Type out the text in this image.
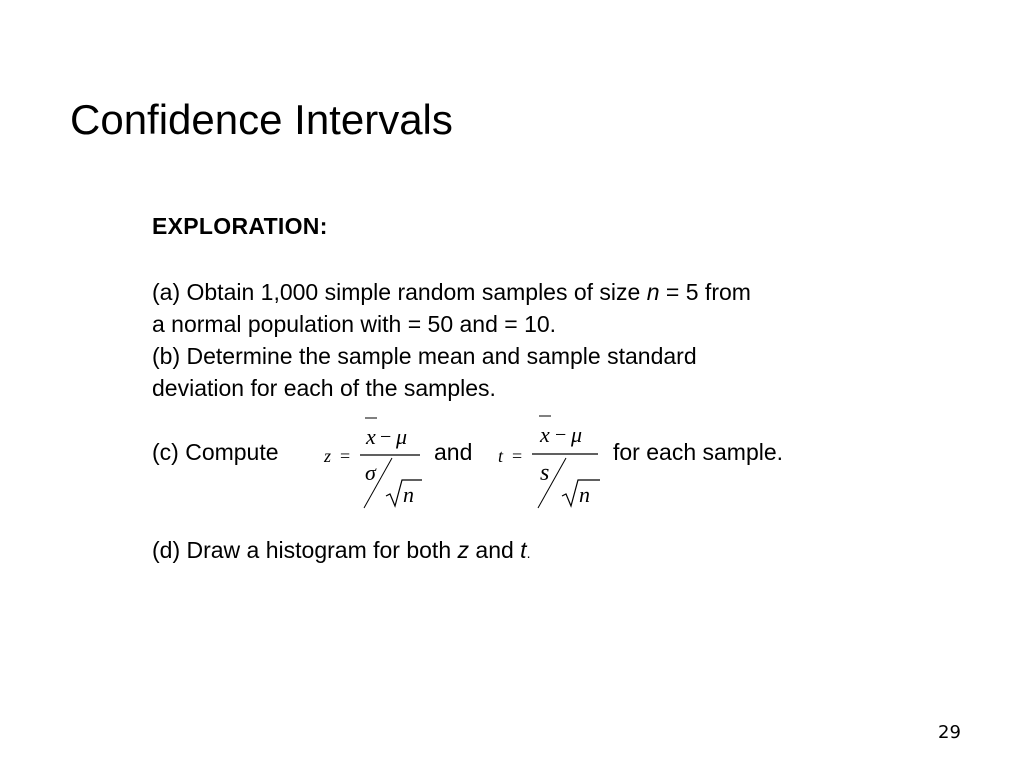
Confidence Intervals
EXPLORATION:
(a) Obtain 1,000 simple random samples of size n = 5 from
a normal population with = 50 and = 10.
(b) Determine the sample mean and sample standard
deviation for each of the samples.
(c) Compute	z =
x − μ
σ
n
and t =
x − μ
s
n
for each sample.
(d) Draw a histogram for both z and t.
29
